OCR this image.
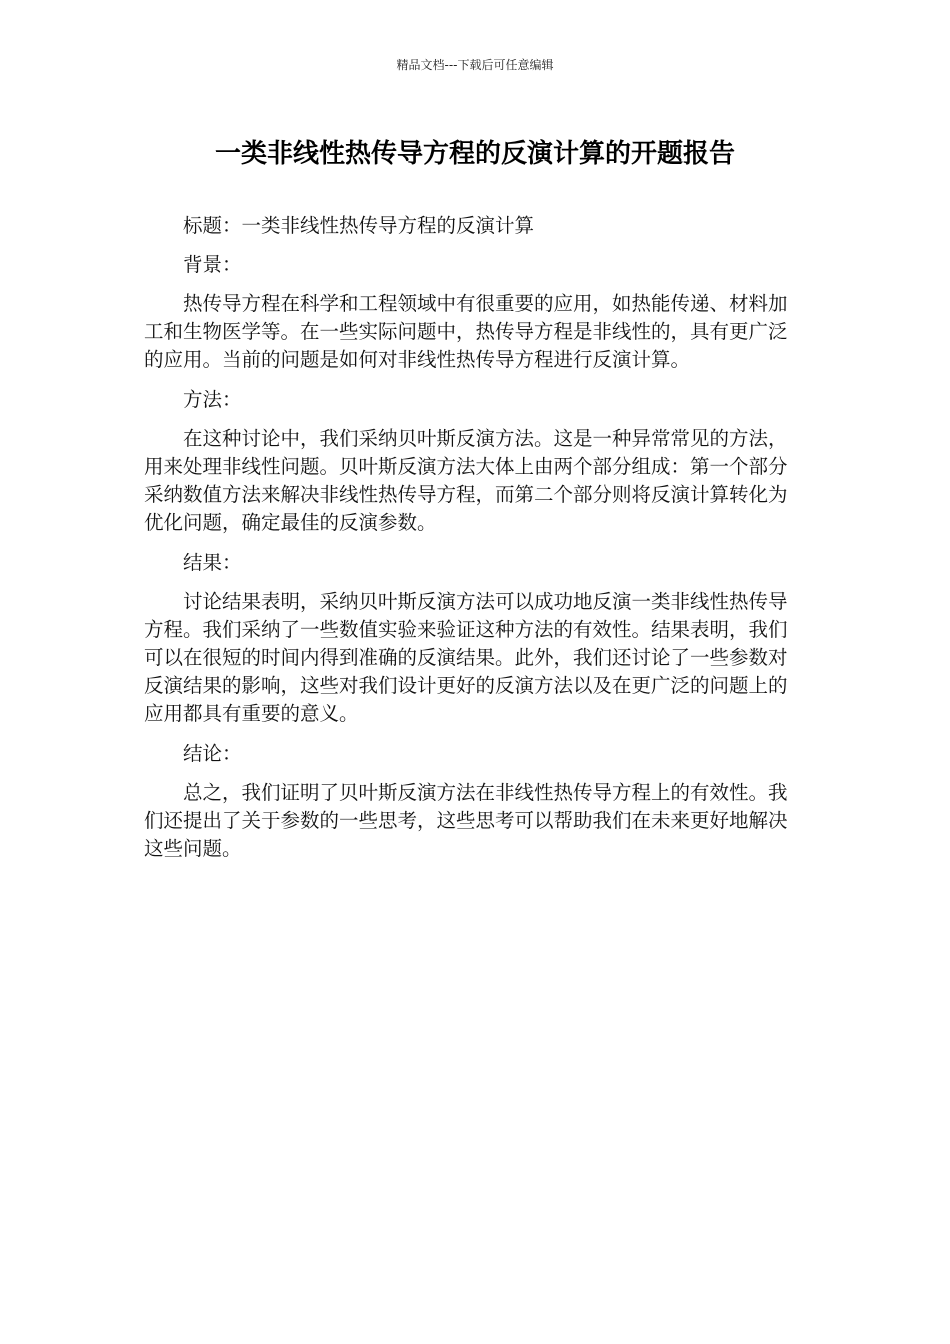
精品文档---下载后可任意编辑
一类非线性热传导方程的反演计算的开题报告

标题：一类非线性热传导方程的反演计算

背景：

热传导方程在科学和工程领域中有很重要的应用，如热能传递、材料加工和生物医学等。在一些实际问题中，热传导方程是非线性的，具有更广泛的应用。当前的问题是如何对非线性热传导方程进行反演计算。

方法：

在这种讨论中，我们采纳贝叶斯反演方法。这是一种异常常见的方法，用来处理非线性问题。贝叶斯反演方法大体上由两个部分组成：第一个部分采纳数值方法来解决非线性热传导方程，而第二个部分则将反演计算转化为优化问题，确定最佳的反演参数。

结果：

讨论结果表明，采纳贝叶斯反演方法可以成功地反演一类非线性热传导方程。我们采纳了一些数值实验来验证这种方法的有效性。结果表明，我们可以在很短的时间内得到准确的反演结果。此外，我们还讨论了一些参数对反演结果的影响，这些对我们设计更好的反演方法以及在更广泛的问题上的应用都具有重要的意义。

结论：

总之，我们证明了贝叶斯反演方法在非线性热传导方程上的有效性。我们还提出了关于参数的一些思考，这些思考可以帮助我们在未来更好地解决这些问题。
